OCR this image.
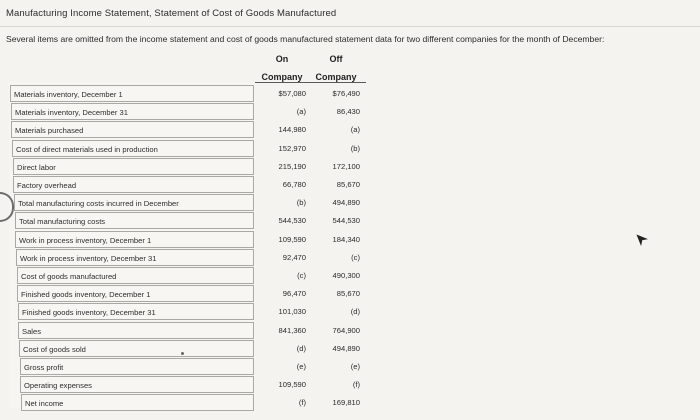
Manufacturing Income Statement, Statement of Cost of Goods Manufactured
Several items are omitted from the income statement and cost of goods manufactured statement data for two different companies for the month of December:
On
Company
Off
Company
Materials inventory, December 1	$57,080	$76,490
Materials inventory, December 31	(a)	86,430
Materials purchased	144,980	(a)
Cost of direct materials used in production	152,970	(b)
Direct labor	215,190	172,100
Factory overhead	66,780	85,670
Total manufacturing costs incurred in December	(b)	494,890
Total manufacturing costs	544,530	544,530
Work in process inventory, December 1	109,590	184,340
Work in process inventory, December 31	92,470	(c)
Cost of goods manufactured	(c)	490,300
Finished goods inventory, December 1	96,470	85,670
Finished goods inventory, December 31	101,030	(d)
Sales	841,360	764,900
Cost of goods sold	(d)	494,890
Gross profit	(e)	(e)
Operating expenses	109,590	(f)
Net income	(f)	169,810
